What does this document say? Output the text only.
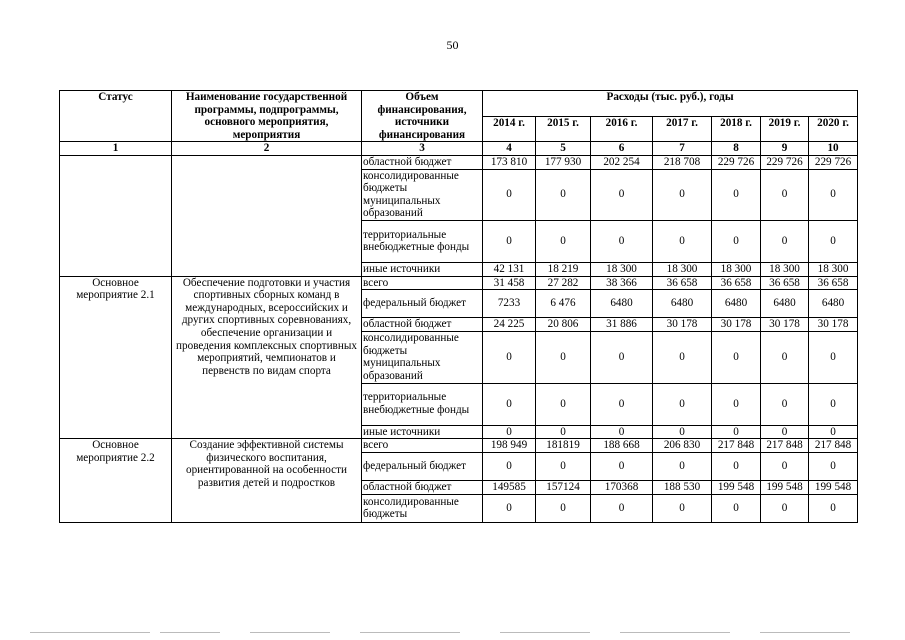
50
Статус	Наименование государственной программы, подпрограммы, основного мероприятия, мероприятия	Объем финансирования, источники финансирования	Расходы (тыс. руб.), годы						
			2014 г.	2015 г.	2016 г.	2017 г.	2018 г.	2019 г.	2020 г.
1	2	3	4	5	6	7	8	9	10
		областной бюджет	173 810	177 930	202 254	218 708	229 726	229 726	229 726
		консолидированные бюджеты муниципальных образований	0	0	0	0	0	0	0
		территориальные внебюджетные фонды	0	0	0	0	0	0	0
		иные источники	42 131	18 219	18 300	18 300	18 300	18 300	18 300
Основное мероприятие 2.1	Обеспечение подготовки и участия спортивных сборных команд в международных, всероссийских и других спортивных соревнованиях, обеспечение организации и проведения комплексных спортивных мероприятий, чемпионатов и первенств по видам спорта	всего	31 458	27 282	38 366	36 658	36 658	36 658	36 658
		федеральный бюджет	7233	6 476	6480	6480	6480	6480	6480
		областной бюджет	24 225	20 806	31 886	30 178	30 178	30 178	30 178
		консолидированные бюджеты муниципальных образований	0	0	0	0	0	0	0
		территориальные внебюджетные фонды	0	0	0	0	0	0	0
		иные источники	0	0	0	0	0	0	0
Основное мероприятие 2.2	Создание эффективной системы физического воспитания, ориентированной на особенности развития детей и подростков	всего	198 949	181819	188 668	206 830	217 848	217 848	217 848
		федеральный бюджет	0	0	0	0	0	0	0
		областной бюджет	149585	157124	170368	188 530	199 548	199 548	199 548
		консолидированные бюджеты	0	0	0	0	0	0	0
